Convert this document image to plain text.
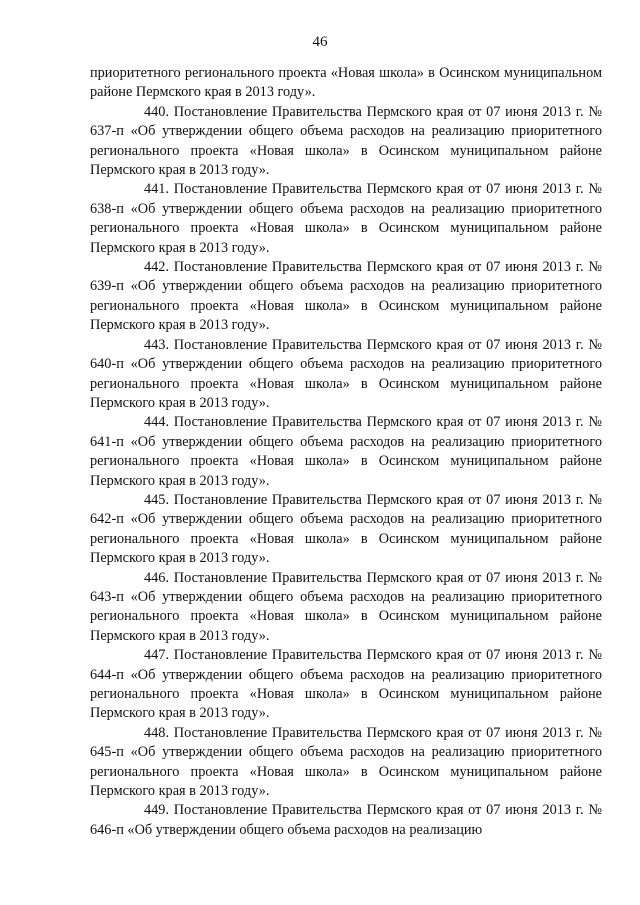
46

приоритетного регионального проекта «Новая школа» в Осинском муниципальном районе Пермского края в 2013 году».

440. Постановление Правительства Пермского края от 07 июня 2013 г. № 637-п «Об утверждении общего объема расходов на реализацию приоритетного регионального проекта «Новая школа» в Осинском муниципальном районе Пермского края в 2013 году».

441. Постановление Правительства Пермского края от 07 июня 2013 г. № 638-п «Об утверждении общего объема расходов на реализацию приоритетного регионального проекта «Новая школа» в Осинском муниципальном районе Пермского края в 2013 году».

442. Постановление Правительства Пермского края от 07 июня 2013 г. № 639-п «Об утверждении общего объема расходов на реализацию приоритетного регионального проекта «Новая школа» в Осинском муниципальном районе Пермского края в 2013 году».

443. Постановление Правительства Пермского края от 07 июня 2013 г. № 640-п «Об утверждении общего объема расходов на реализацию приоритетного регионального проекта «Новая школа» в Осинском муниципальном районе Пермского края в 2013 году».

444. Постановление Правительства Пермского края от 07 июня 2013 г. № 641-п «Об утверждении общего объема расходов на реализацию приоритетного регионального проекта «Новая школа» в Осинском муниципальном районе Пермского края в 2013 году».

445. Постановление Правительства Пермского края от 07 июня 2013 г. № 642-п «Об утверждении общего объема расходов на реализацию приоритетного регионального проекта «Новая школа» в Осинском муниципальном районе Пермского края в 2013 году».

446. Постановление Правительства Пермского края от 07 июня 2013 г. № 643-п «Об утверждении общего объема расходов на реализацию приоритетного регионального проекта «Новая школа» в Осинском муниципальном районе Пермского края в 2013 году».

447. Постановление Правительства Пермского края от 07 июня 2013 г. № 644-п «Об утверждении общего объема расходов на реализацию приоритетного регионального проекта «Новая школа» в Осинском муниципальном районе Пермского края в 2013 году».

448. Постановление Правительства Пермского края от 07 июня 2013 г. № 645-п «Об утверждении общего объема расходов на реализацию приоритетного регионального проекта «Новая школа» в Осинском муниципальном районе Пермского края в 2013 году».

449. Постановление Правительства Пермского края от 07 июня 2013 г. № 646-п «Об утверждении общего объема расходов на реализацию
